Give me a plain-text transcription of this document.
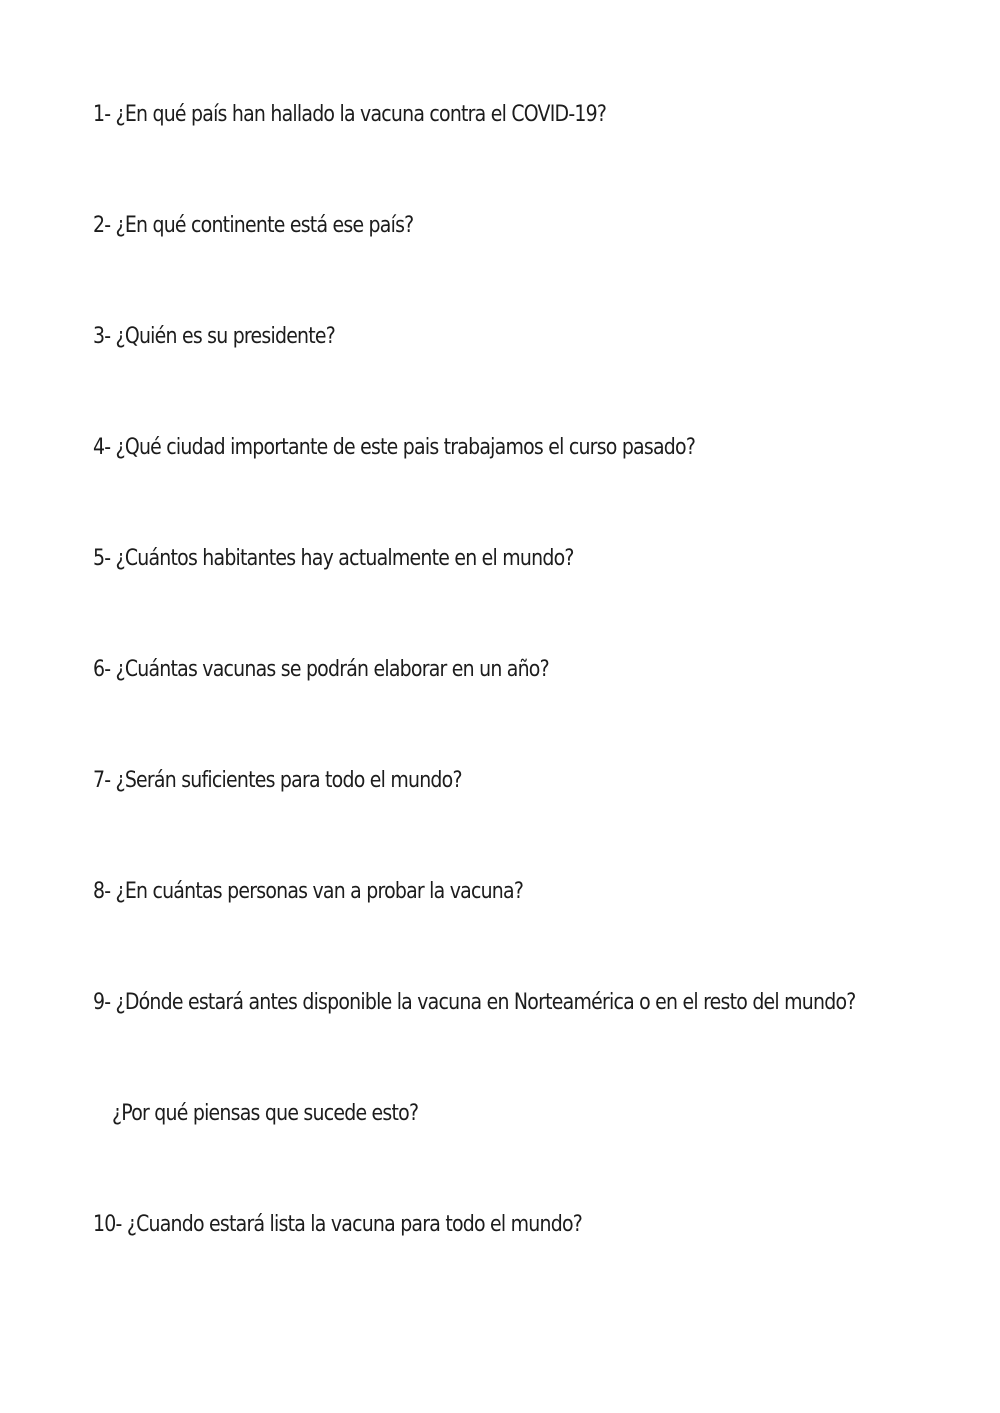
1- ¿En qué país han hallado la vacuna contra el COVID-19?

2- ¿En qué continente está ese país?

3- ¿Quién es su presidente?

4- ¿Qué ciudad importante de este pais trabajamos el curso pasado?

5- ¿Cuántos habitantes hay actualmente en el mundo?

6- ¿Cuántas vacunas se podrán elaborar en un año?

7- ¿Serán suficientes para todo el mundo?

8- ¿En cuántas personas van a probar la vacuna?

9- ¿Dónde estará antes disponible la vacuna en Norteamérica o en el resto del mundo?

¿Por qué piensas que sucede esto?

10- ¿Cuando estará lista la vacuna para todo el mundo?
